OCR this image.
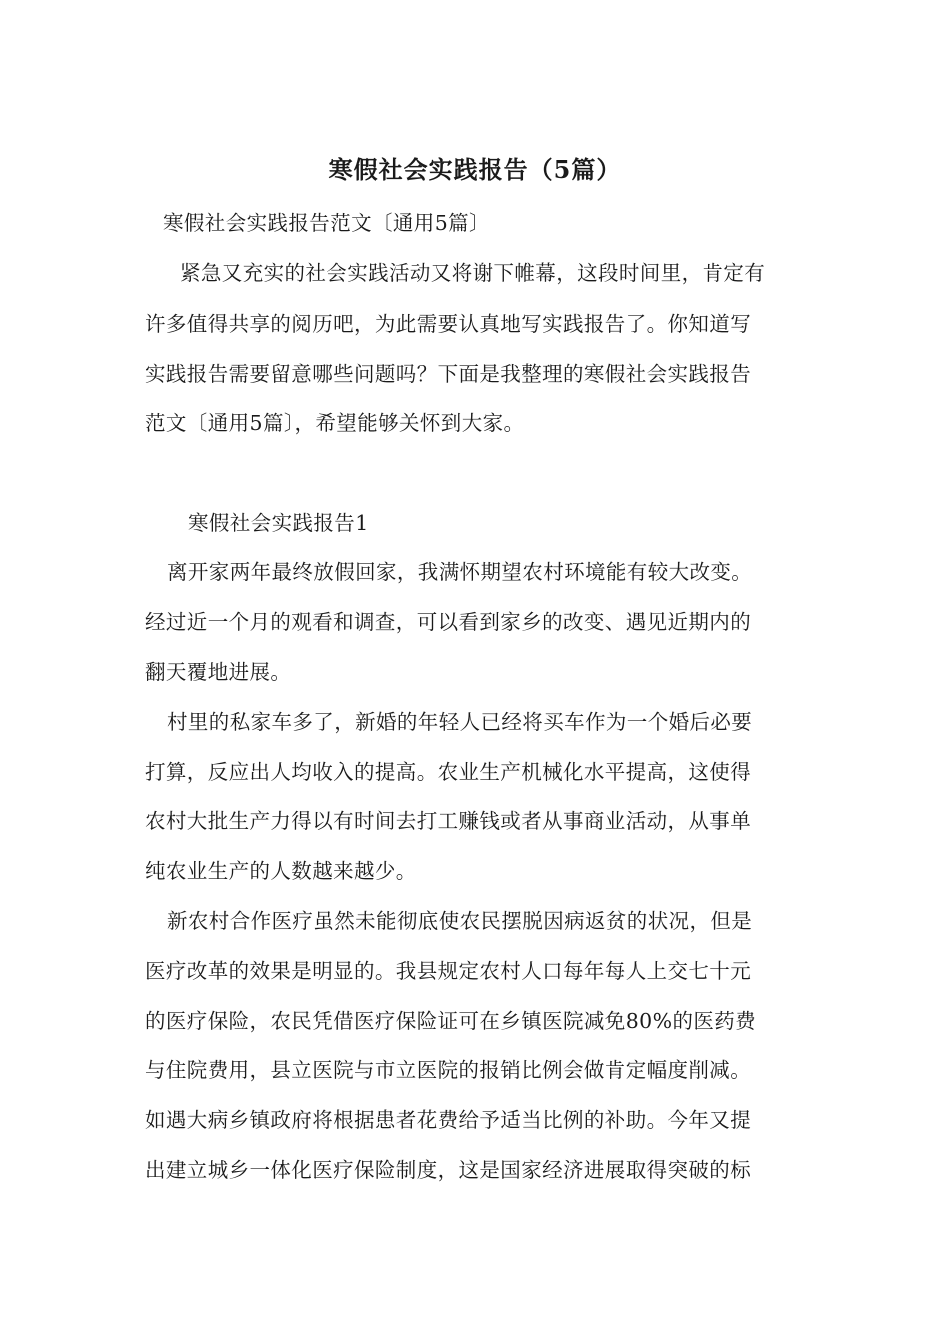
寒假社会实践报告（5篇）
寒假社会实践报告范文〔通用5篇〕
紧急又充实的社会实践活动又将谢下帷幕，这段时间里，肯定有
许多值得共享的阅历吧，为此需要认真地写实践报告了。你知道写
实践报告需要留意哪些问题吗？下面是我整理的寒假社会实践报告
范文〔通用5篇〕，希望能够关怀到大家。
寒假社会实践报告1
离开家两年最终放假回家，我满怀期望农村环境能有较大改变。
经过近一个月的观看和调查，可以看到家乡的改变、遇见近期内的
翻天覆地进展。
村里的私家车多了，新婚的年轻人已经将买车作为一个婚后必要
打算，反应出人均收入的提高。农业生产机械化水平提高，这使得
农村大批生产力得以有时间去打工赚钱或者从事商业活动，从事单
纯农业生产的人数越来越少。
新农村合作医疗虽然未能彻底使农民摆脱因病返贫的状况，但是
医疗改革的效果是明显的。我县规定农村人口每年每人上交七十元
的医疗保险，农民凭借医疗保险证可在乡镇医院减免80%的医药费
与住院费用，县立医院与市立医院的报销比例会做肯定幅度削减。
如遇大病乡镇政府将根据患者花费给予适当比例的补助。今年又提
出建立城乡一体化医疗保险制度，这是国家经济进展取得突破的标
